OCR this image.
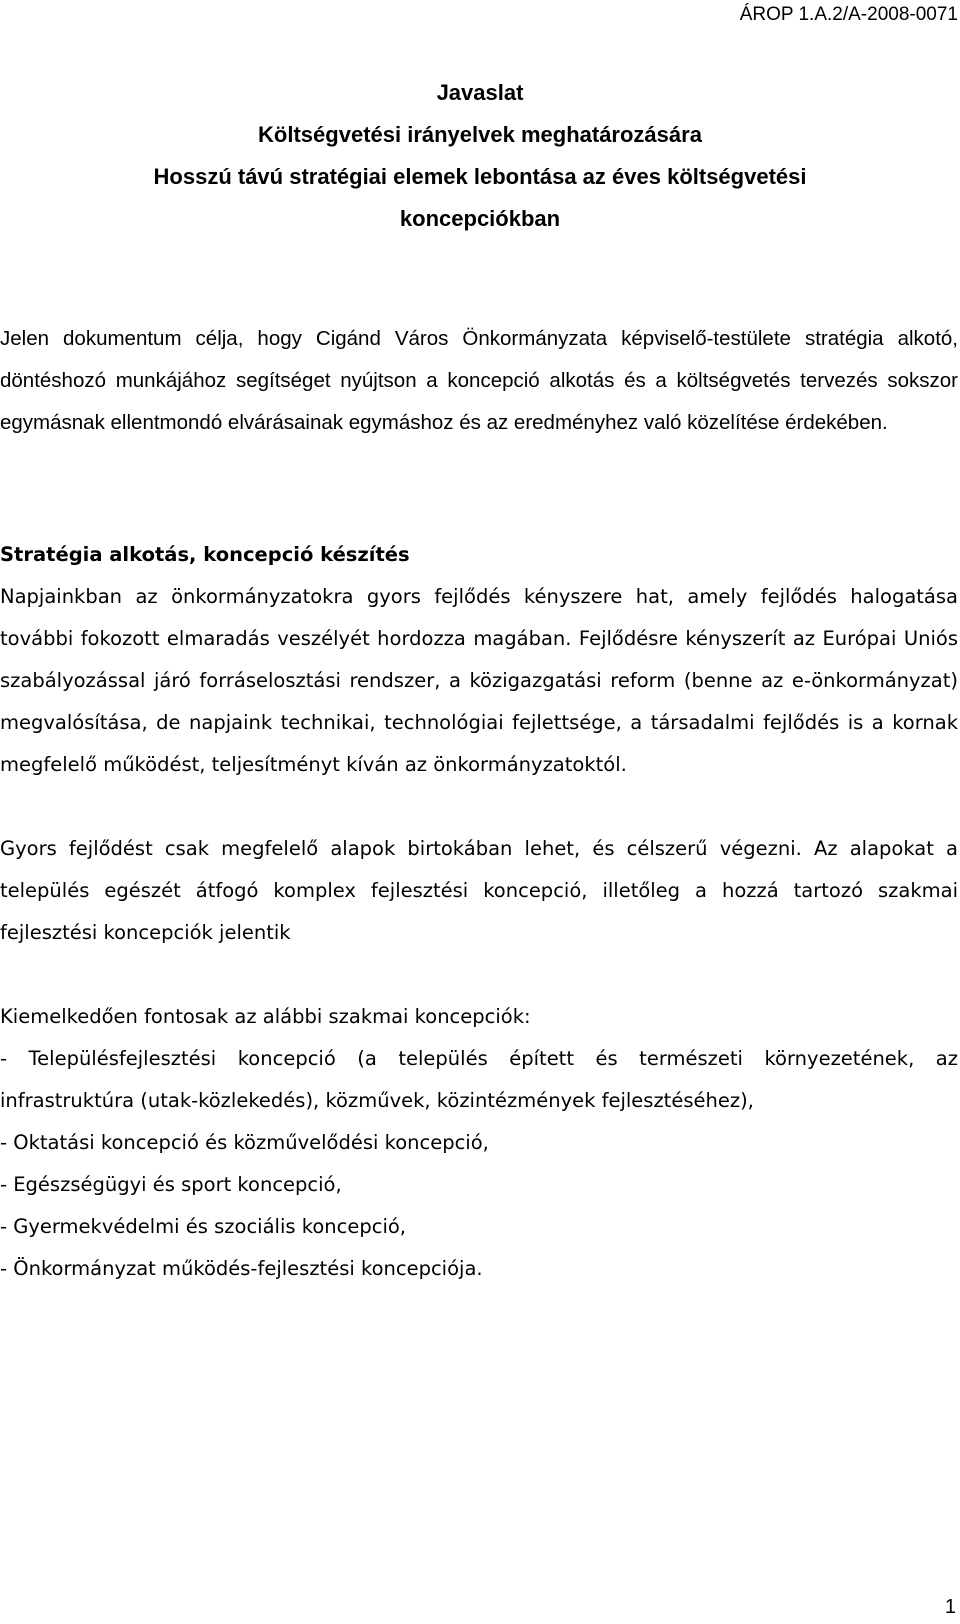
ÁROP 1.A.2/A-2008-0071
Javaslat
Költségvetési irányelvek meghatározására
Hosszú távú stratégiai elemek lebontása az éves költségvetési
koncepciókban

Jelen dokumentum célja, hogy Cigánd Város Önkormányzata képviselő-testülete stratégia alkotó, döntéshozó munkájához segítséget nyújtson a koncepció alkotás és a költségvetés tervezés sokszor egymásnak ellentmondó elvárásainak egymáshoz és az eredményhez való közelítése érdekében.

Stratégia alkotás, koncepció készítés

Napjainkban az önkormányzatokra gyors fejlődés kényszere hat, amely fejlődés halogatása további fokozott elmaradás veszélyét hordozza magában. Fejlődésre kényszerít az Európai Uniós szabályozással járó forráselosztási rendszer, a közigazgatási reform (benne az e-önkormányzat) megvalósítása, de napjaink technikai, technológiai fejlettsége, a társadalmi fejlődés is a kornak megfelelő működést, teljesítményt kíván az önkormányzatoktól.

Gyors fejlődést csak megfelelő alapok birtokában lehet, és célszerű végezni. Az alapokat a település egészét átfogó komplex fejlesztési koncepció, illetőleg a hozzá tartozó szakmai fejlesztési koncepciók jelentik

Kiemelkedően fontosak az alábbi szakmai koncepciók:

- Településfejlesztési koncepció (a település épített és természeti környezetének, az infrastruktúra (utak-közlekedés), közművek, közintézmények fejlesztéséhez),
- Oktatási koncepció és közművelődési koncepció,
- Egészségügyi és sport koncepció,
- Gyermekvédelmi és szociális koncepció,
- Önkormányzat működés-fejlesztési koncepciója.
1
